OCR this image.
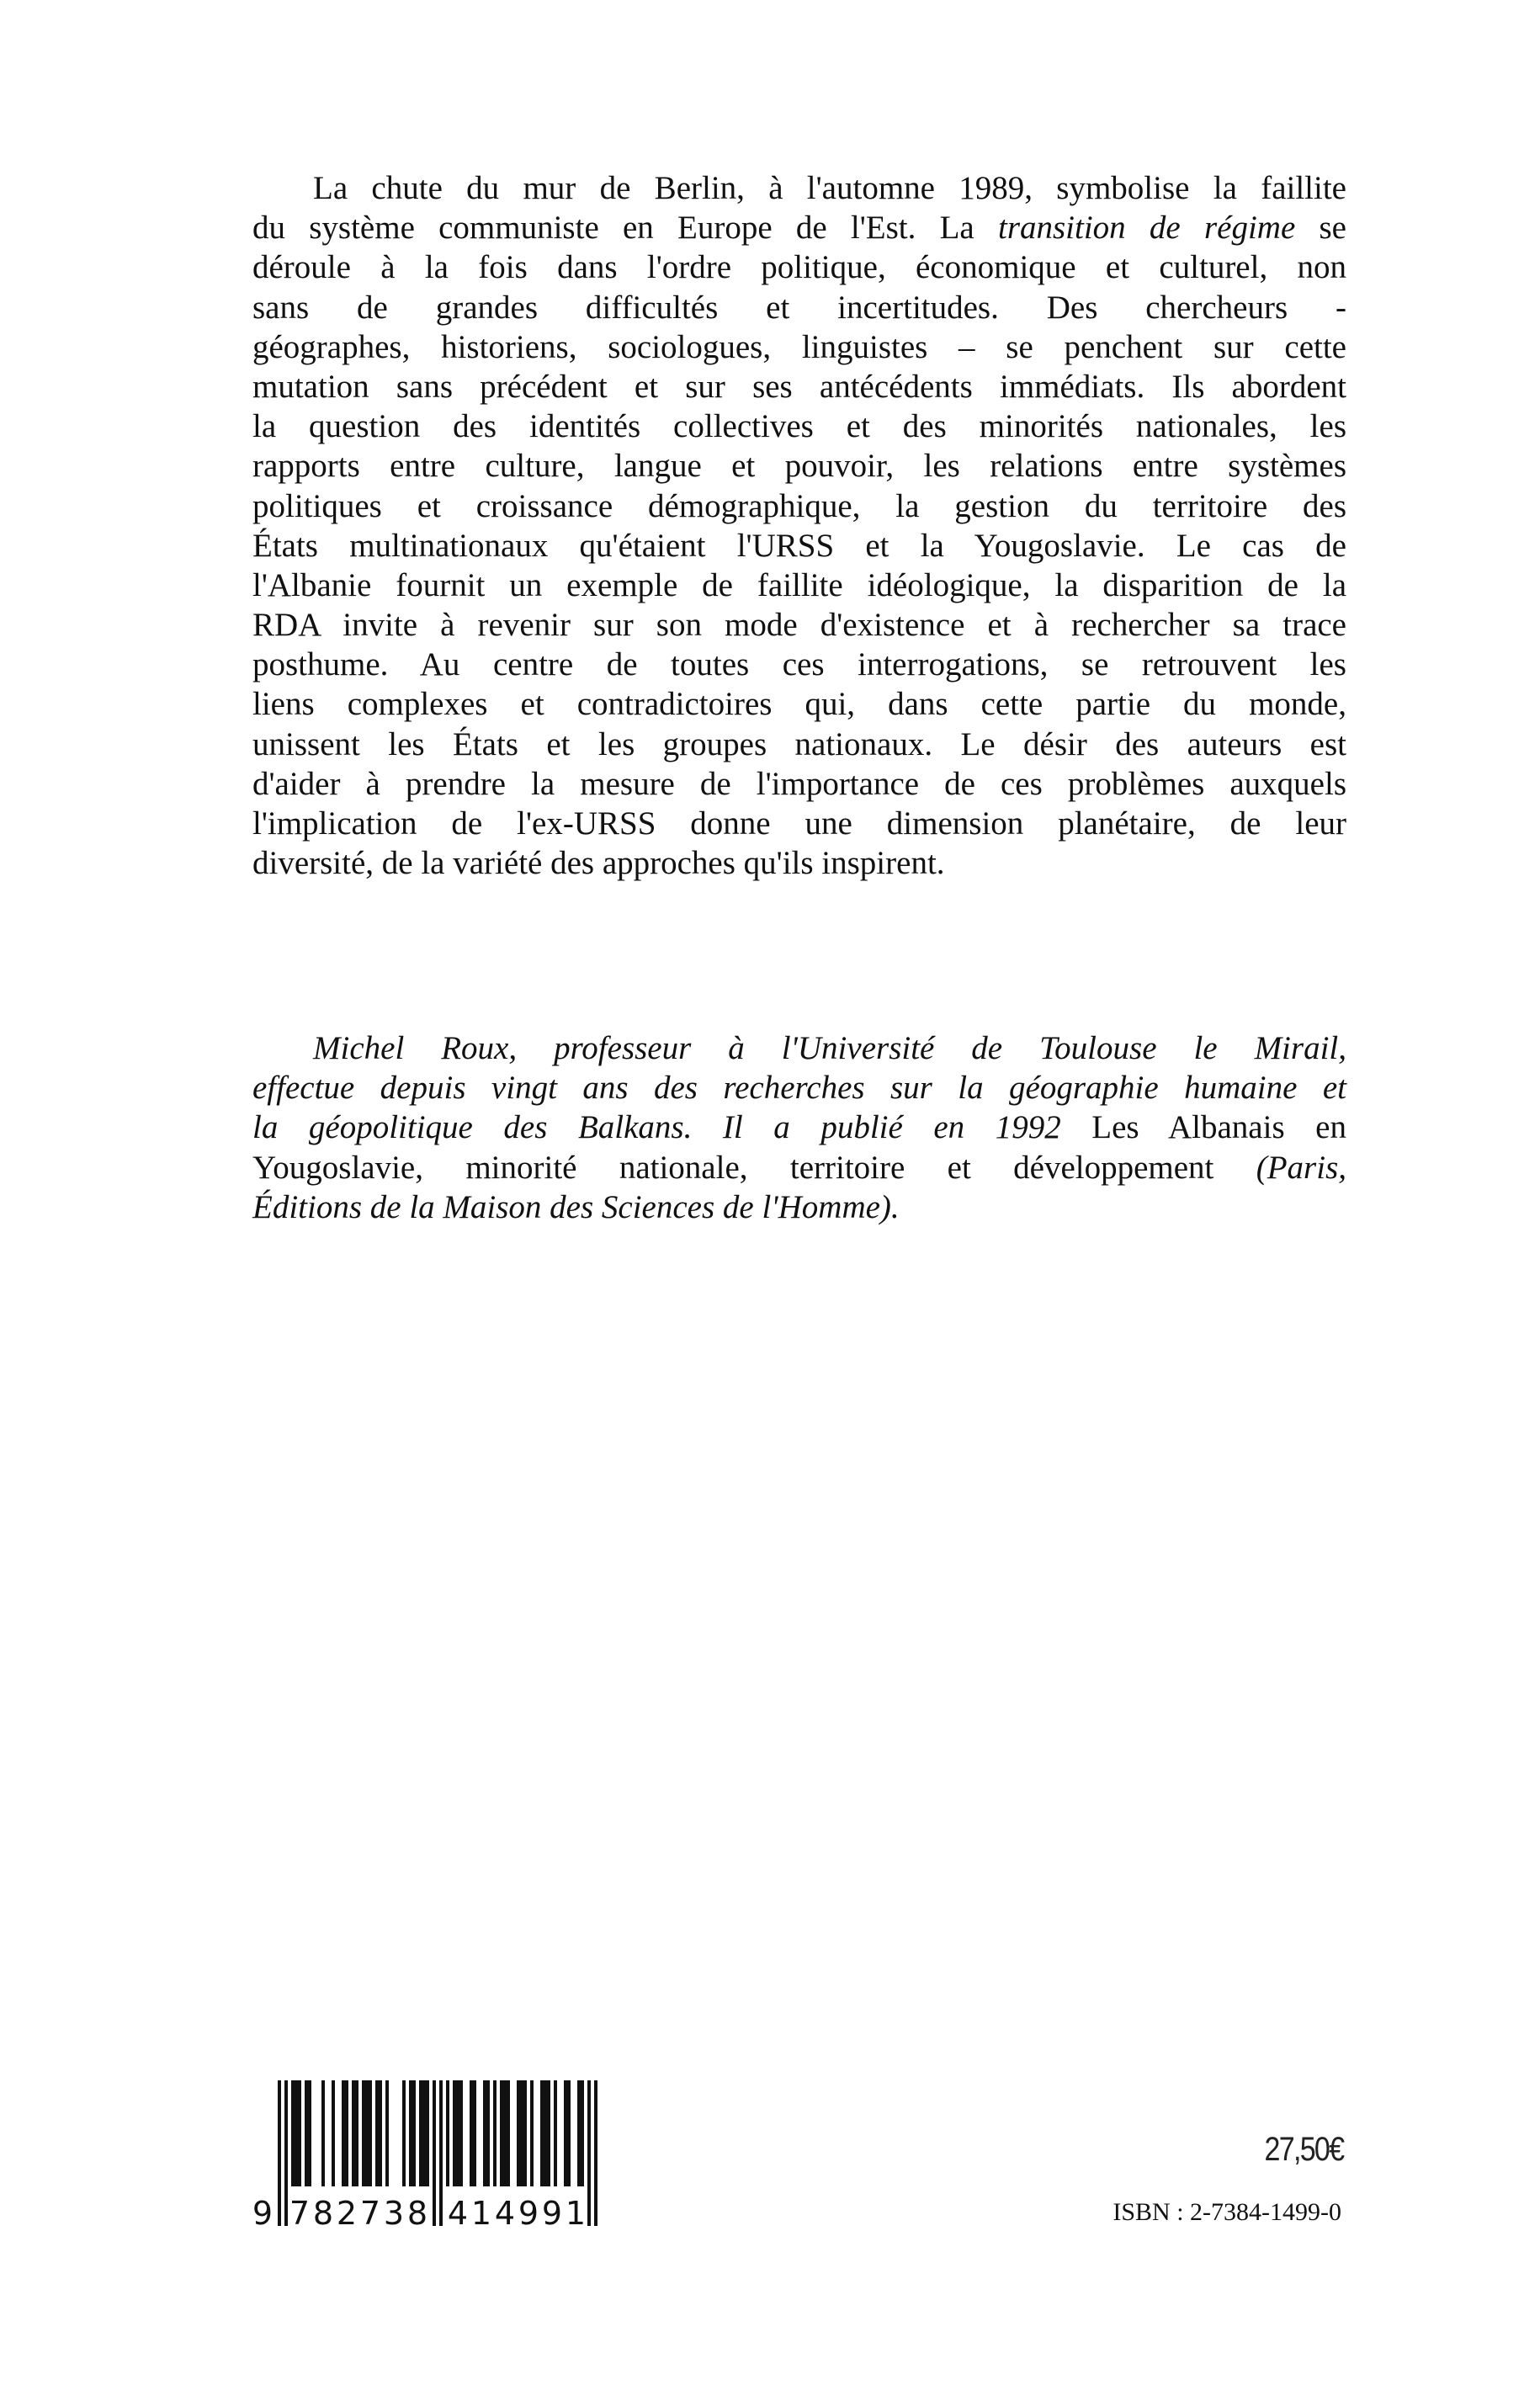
La chute du mur de Berlin, à l'automne 1989, symbolise la faillite
du système communiste en Europe de l'Est. La transition de régime se
déroule à la fois dans l'ordre politique, économique et culturel, non
sans de grandes difficultés et incertitudes. Des chercheurs -
géographes, historiens, sociologues, linguistes – se penchent sur cette
mutation sans précédent et sur ses antécédents immédiats. Ils abordent
la question des identités collectives et des minorités nationales, les
rapports entre culture, langue et pouvoir, les relations entre systèmes
politiques et croissance démographique, la gestion du territoire des
États multinationaux qu'étaient l'URSS et la Yougoslavie. Le cas de
l'Albanie fournit un exemple de faillite idéologique, la disparition de la
RDA invite à revenir sur son mode d'existence et à rechercher sa trace
posthume. Au centre de toutes ces interrogations, se retrouvent les
liens complexes et contradictoires qui, dans cette partie du monde,
unissent les États et les groupes nationaux. Le désir des auteurs est
d'aider à prendre la mesure de l'importance de ces problèmes auxquels
l'implication de l'ex-URSS donne une dimension planétaire, de leur
diversité, de la variété des approches qu'ils inspirent.
Michel Roux, professeur à l'Université de Toulouse le Mirail,
effectue depuis vingt ans des recherches sur la géographie humaine et
la géopolitique des Balkans. Il a publié en 1992 Les Albanais en
Yougoslavie, minorité nationale, territoire et développement (Paris,
Éditions de la Maison des Sciences de l'Homme).
9 7 8 2 7 3 8 4 1 4 9 9 1
27,50€
ISBN : 2-7384-1499-0
